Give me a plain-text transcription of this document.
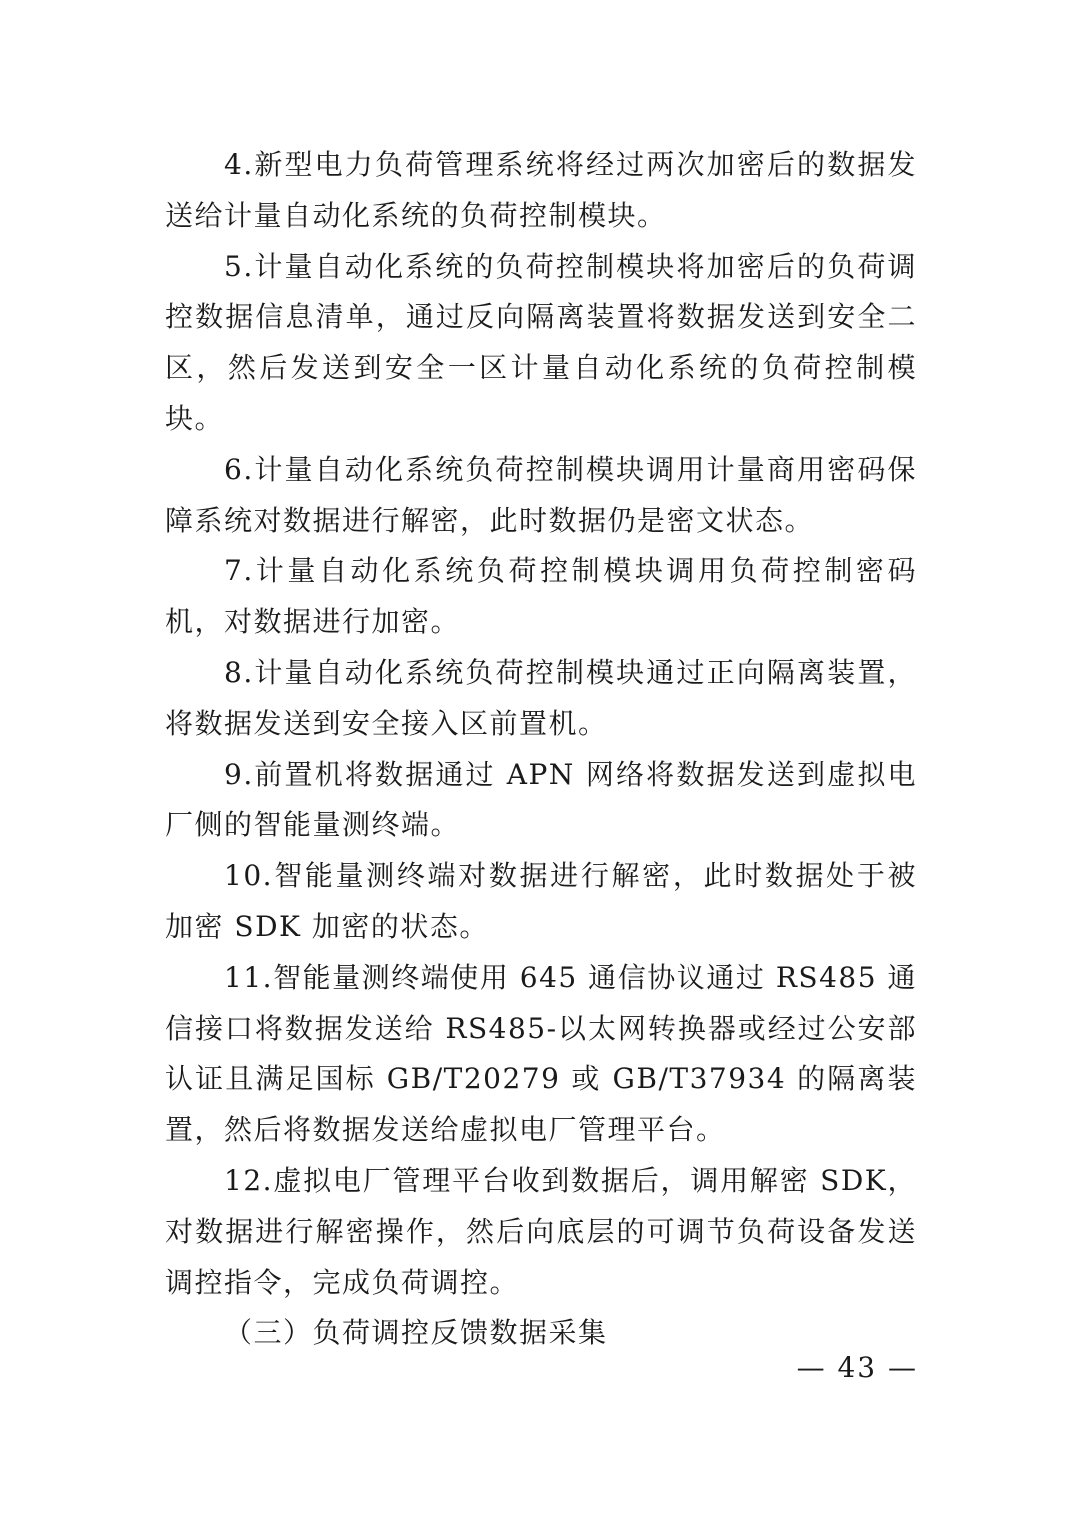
4.新型电力负荷管理系统将经过两次加密后的数据发送给计量自动化系统的负荷控制模块。

5.计量自动化系统的负荷控制模块将加密后的负荷调控数据信息清单，通过反向隔离装置将数据发送到安全二区，然后发送到安全一区计量自动化系统的负荷控制模块。

6.计量自动化系统负荷控制模块调用计量商用密码保障系统对数据进行解密，此时数据仍是密文状态。

7.计量自动化系统负荷控制模块调用负荷控制密码机，对数据进行加密。

8.计量自动化系统负荷控制模块通过正向隔离装置，将数据发送到安全接入区前置机。

9.前置机将数据通过 APN 网络将数据发送到虚拟电厂侧的智能量测终端。

10.智能量测终端对数据进行解密，此时数据处于被加密 SDK 加密的状态。

11.智能量测终端使用 645 通信协议通过 RS485 通信接口将数据发送给 RS485-以太网转换器或经过公安部认证且满足国标 GB/T20279 或 GB/T37934 的隔离装置，然后将数据发送给虚拟电厂管理平台。

12.虚拟电厂管理平台收到数据后，调用解密 SDK，对数据进行解密操作，然后向底层的可调节负荷设备发送调控指令，完成负荷调控。

（三）负荷调控反馈数据采集

— 43 —
